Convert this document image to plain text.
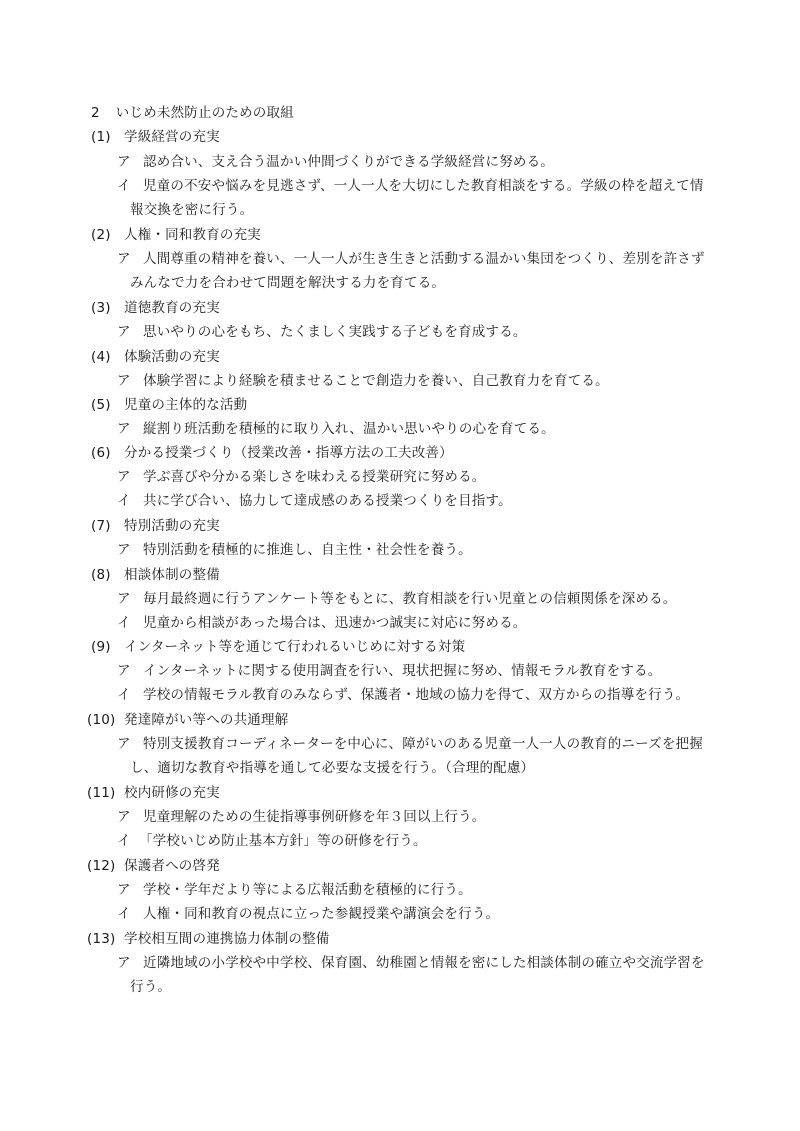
2 いじめ未然防止のための取組
(1) 学級経営の充実
ア 認め合い、支え合う温かい仲間づくりができる学級経営に努める。
イ 児童の不安や悩みを見逃さず、一人一人を大切にした教育相談をする。学級の枠を超えて情
報交換を密に行う。
(2) 人権・同和教育の充実
ア 人間尊重の精神を養い、一人一人が生き生きと活動する温かい集団をつくり、差別を許さず
みんなで力を合わせて問題を解決する力を育てる。
(3) 道徳教育の充実
ア 思いやりの心をもち、たくましく実践する子どもを育成する。
(4) 体験活動の充実
ア 体験学習により経験を積ませることで創造力を養い、自己教育力を育てる。
(5) 児童の主体的な活動
ア 縦割り班活動を積極的に取り入れ、温かい思いやりの心を育てる。
(6) 分かる授業づくり（授業改善・指導方法の工夫改善）
ア 学ぶ喜びや分かる楽しさを味わえる授業研究に努める。
イ 共に学び合い、協力して達成感のある授業つくりを目指す。
(7) 特別活動の充実
ア 特別活動を積極的に推進し、自主性・社会性を養う。
(8) 相談体制の整備
ア 毎月最終週に行うアンケート等をもとに、教育相談を行い児童との信頼関係を深める。
イ 児童から相談があった場合は、迅速かつ誠実に対応に努める。
(9) インターネット等を通じて行われるいじめに対する対策
ア インターネットに関する使用調査を行い、現状把握に努め、情報モラル教育をする。
イ 学校の情報モラル教育のみならず、保護者・地域の協力を得て、双方からの指導を行う。
(10) 発達障がい等への共通理解
ア 特別支援教育コーディネーターを中心に、障がいのある児童一人一人の教育的ニーズを把握
し、適切な教育や指導を通して必要な支援を行う。（合理的配慮）
(11) 校内研修の充実
ア 児童理解のための生徒指導事例研修を年３回以上行う。
イ 「学校いじめ防止基本方針」等の研修を行う。
(12) 保護者への啓発
ア 学校・学年だより等による広報活動を積極的に行う。
イ 人権・同和教育の視点に立った参観授業や講演会を行う。
(13) 学校相互間の連携協力体制の整備
ア 近隣地域の小学校や中学校、保育園、幼稚園と情報を密にした相談体制の確立や交流学習を
行う。
